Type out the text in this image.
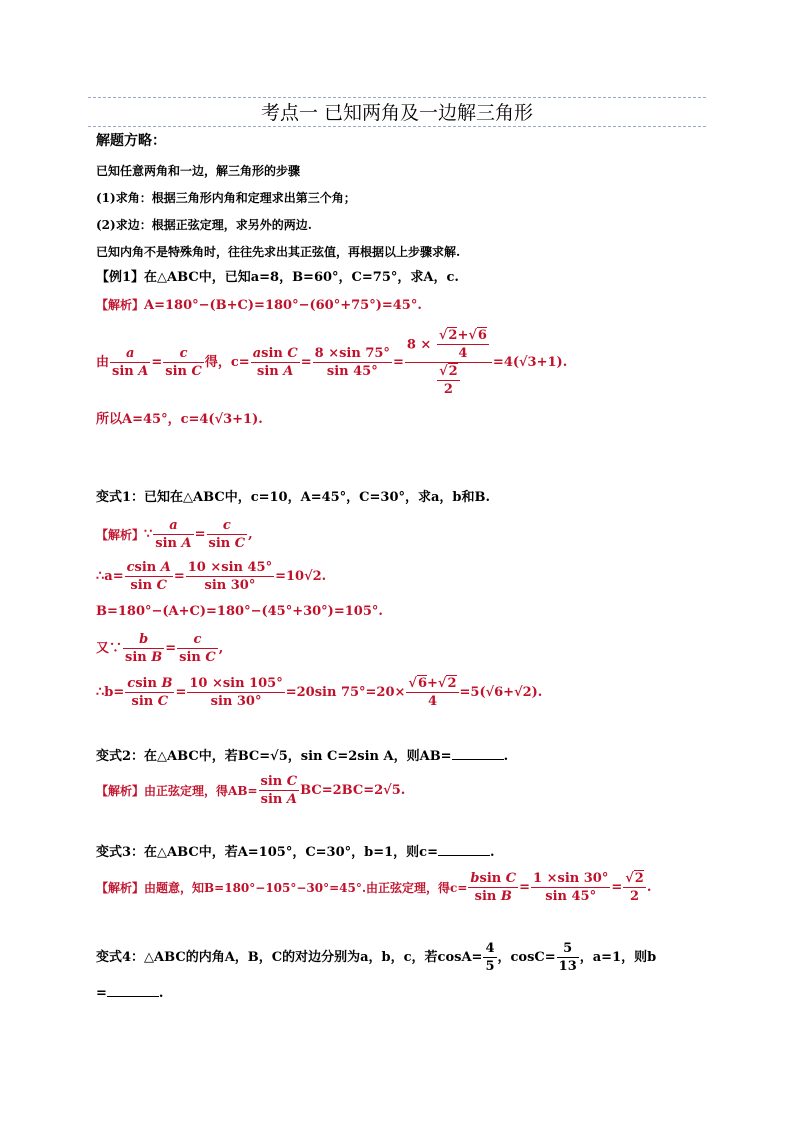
考点一 已知两角及一边解三角形
解题方略：
已知任意两角和一边，解三角形的步骤
(1)求角：根据三角形内角和定理求出第三个角；
(2)求边：根据正弦定理，求另外的两边.
已知内角不是特殊角时，往往先求出其正弦值，再根据以上步骤求解.
【例1】在△ABC中，已知a=8，B=60°，C=75°，求A，c.
【解析】A=180°−(B+C)=180°−(60°+75°)=45°.
由 $\frac{a}{\text{sin A}} = \frac{c}{\text{sin C}}$ 得，$c= \frac{\text{asin C}}{\text{sin A}} = \frac{8 \times\sin 75^\circ}{\sin 45^\circ} = \frac{8 \times \frac{√2+√6}{4}}{\frac{√2}{2}} =4(√3+1)$.
所以A=45°，c=4(√3+1).
变式1：已知在△ABC中，c=10，A=45°，C=30°，求a，b和B.
【解析】 ∵ $\frac{a}{\text{sin A}} = \frac{c}{\text{sin C}}$ ,
∴a= $\frac{\text{csin A}}{\text{sin C}} = \frac{10 \times\sin 45^\circ}{\sin 30^\circ} =10√2$.
B=180°−(A+C)=180°−(45°+30°)=105°.
又∵ $\frac{b}{\text{sin B}} = \frac{c}{\text{sin C}}$ ,
∴b= $\frac{\text{csin B}}{\text{sin C}} = \frac{10 \times\sin 105^\circ}{\sin 30^\circ} =20\sin$ $75^\circ=20\times \frac{√6+√2}{4} =5(√6+√2)$.
变式2：在△ABC中，若BC=√5，sin C=2sin A，则AB=	.
【解析】 由正弦定理，得$AB= \frac{\text{sin C}}{\text{sin A}} BC=2BC=2√5$.
变式3：在△ABC中，若A=105°，C=30°，b=1，则c=	.
【解析】 由题意，知B=180°−105°−30°=45°.由正弦定理，得$c= \frac{\text{bsin C}}{\text{sin B}} = \frac{1 \times\sin 30^\circ}{\sin 45^\circ} = \frac{√2}{2}$ .
变式4：△ABC的内角A，B，C的对边分别为a，b，c，若$\cos A= \frac{4}{5}$ ，$\cos C= \frac{5}{13}$ ，a=1，则b
=	.
